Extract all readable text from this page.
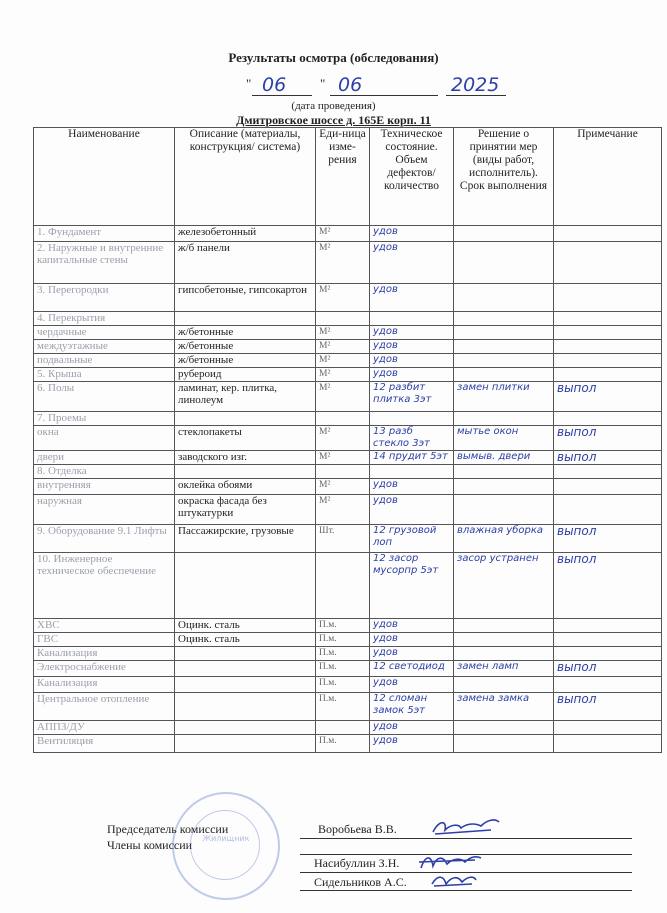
Результаты осмотра (обследования)
" 06	" 06	2025
(дата проведения)
Дмитровское шоссе д. 165Е корп. 11
Наименование	Описание (материалы, конструкция/ система)	Еди-ница изме-рения	Техническое состояние. Объем дефектов/ количество	Решение о принятии мер (виды работ, исполнитель). Срок выполнения	Примечание
1. Фундамент	железобетонный	М²	удов		
2. Наружные и внутренние капитальные стены	ж/б панели	М²	удов		
3. Перегородки	гипсобетоные, гипсокартон	М²	удов		
4. Перекрытия					
чердачные	ж/бетонные	М²	удов		
междуэтажные	ж/бетонные	М²	удов		
подвальные	ж/бетонные	М²	удов		
5. Крыша	рубероид	М²	удов		
6. Полы	ламинат, кер. плитка, линолеум	М²	12 разбит плитка 3эт	замен плитки	выпол
7. Проемы					
окна	стеклопакеты	М²	13 разб стекло 3эт	мытье окон	выпол
двери	заводского изг.	М²	14 прудит 5эт	вымыв. двери	выпол
8. Отделка					
внутренняя	оклейка обоями	М²	удов		
наружная	окраска фасада без штукатурки	М²	удов		
9. Оборудование 9.1 Лифты	Пассажирские, грузовые	Шт.	12 грузовой лоп	влажная уборка	выпол
10. Инженерное техническое обеспечение			12 засор мусорпр 5эт	засор устранен	выпол
ХВС	Оцинк. сталь	П.м.	удов		
ГВС	Оцинк. сталь	П.м.	удов		
Канализация		П.м.	удов		
Электроснабжение		П.м.	12 светодиод	замен ламп	выпол
Канализация		П.м.	удов		
Центральное отопление		П.м.	12 сломан замок 5эт	замена замка	выпол
АППЗ/ДУ			удов		
Вентиляция		П.м.	удов		
Жилищник
Председатель комиссии	Воробьева В.В.
Члены комиссии
Насибуллин З.Н.
Сидельников А.С.
